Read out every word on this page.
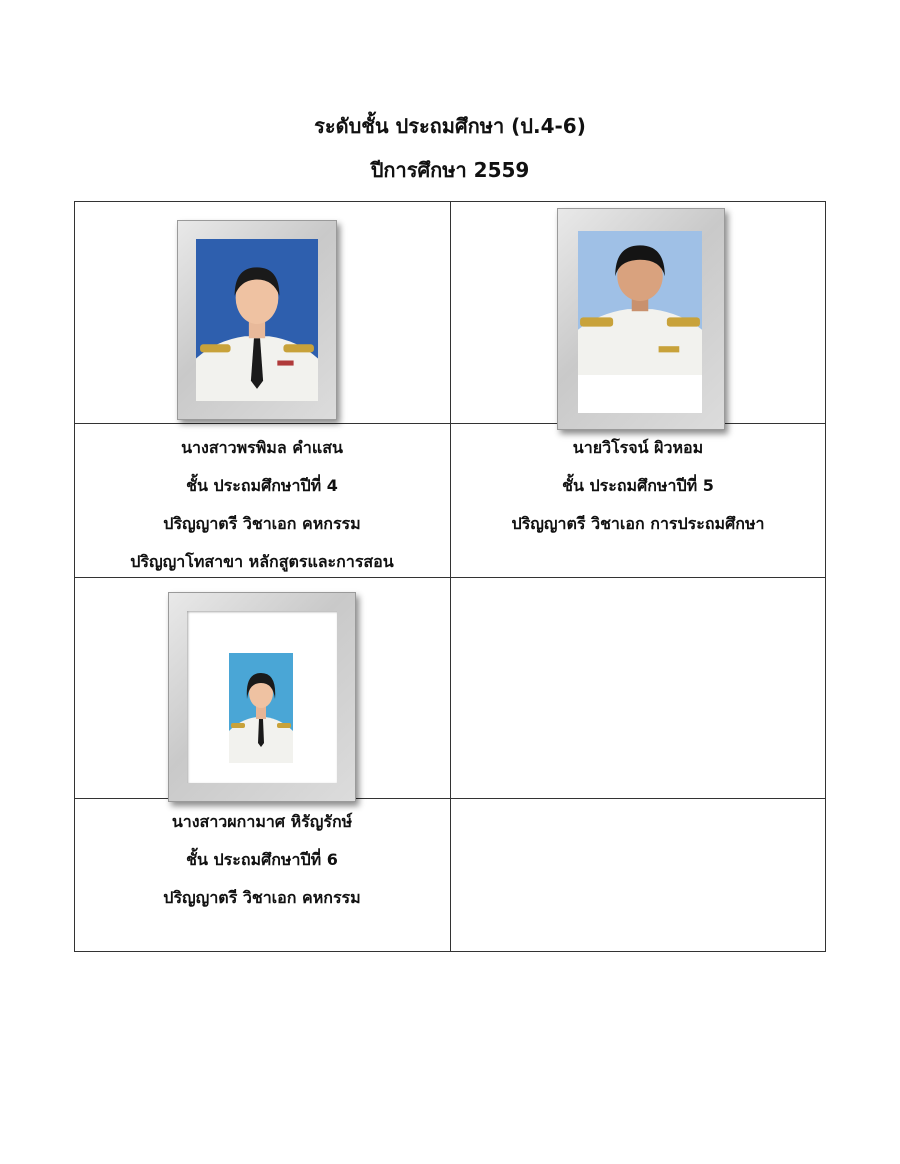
ระดับชั้น ประถมศึกษา (ป.4-6)
ปีการศึกษา 2559
นางสาวพรพิมล คำแสน
ชั้น ประถมศึกษาปีที่ 4
ปริญญาตรี วิชาเอก คหกรรม
ปริญญาโทสาขา หลักสูตรและการสอน
นายวิโรจน์ ผิวหอม
ชั้น ประถมศึกษาปีที่ 5
ปริญญาตรี วิชาเอก การประถมศึกษา
นางสาวผกามาศ หิรัญรักษ์
ชั้น ประถมศึกษาปีที่ 6
ปริญญาตรี วิชาเอก คหกรรม
